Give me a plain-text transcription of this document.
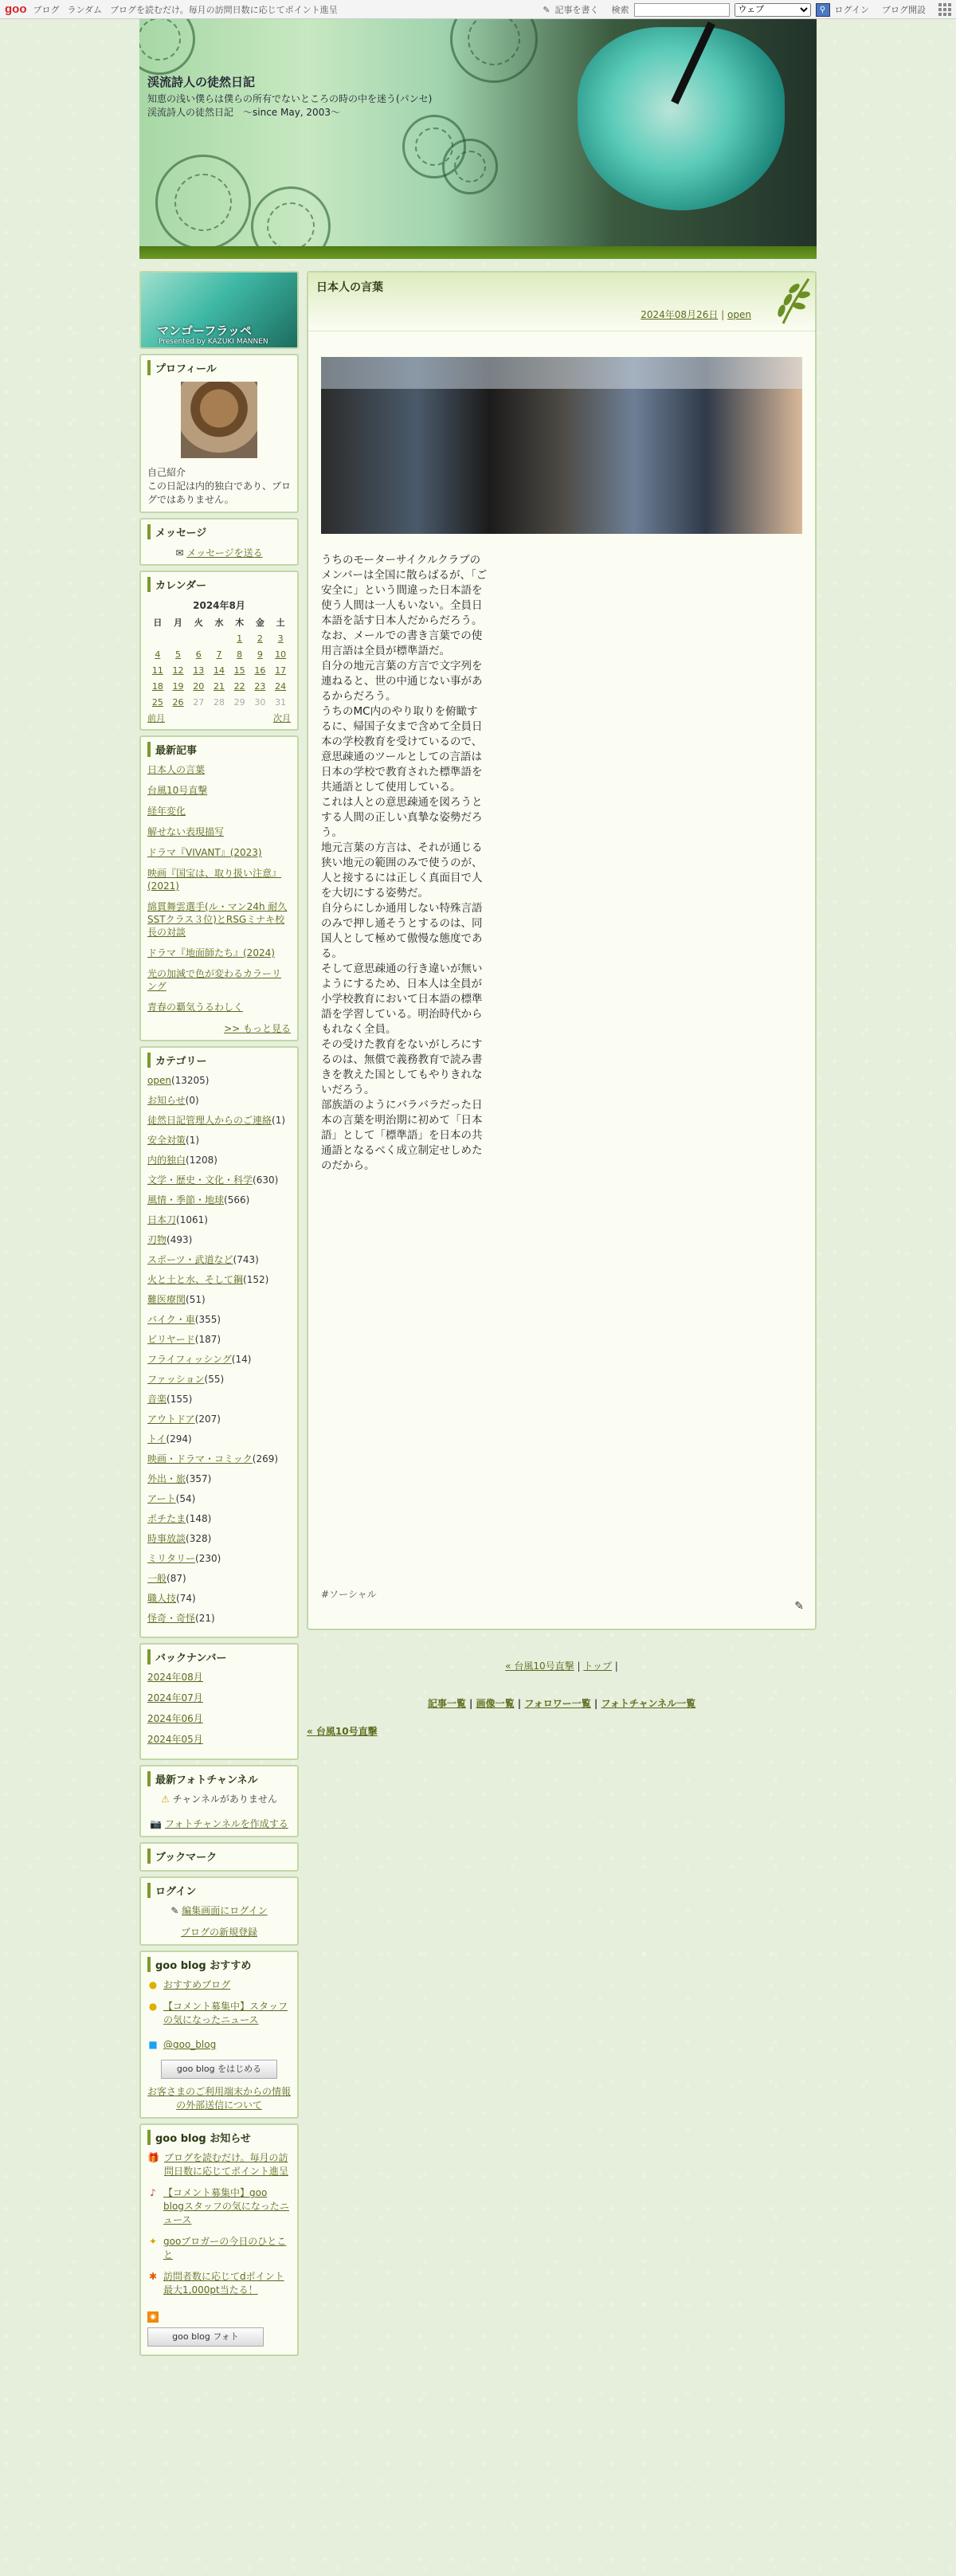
goo ブログ ランダム ブログを読むだけ。毎月の訪問日数に応じてポイント進呈	✎ 記事を書く 検索
ウェブ	⚲	ログイン ブログ開設
渓流詩人の徒然日記
知恵の浅い僕らは僕らの所有でないところの時の中を迷う(パンセ)　渓流詩人の徒然日記　～since May, 2003～
マンゴーフラッペ
Presented by KAZUKI MANNEN
プロフィール
自己紹介
この日記は内的独白であり、ブログではありません。
メッセージ
✉ メッセージを送る
カレンダー
2024年8月
日	月	火	水	木	金	土
				1	2	3
4	5	6	7	8	9	10
11	12	13	14	15	16	17
18	19	20	21	22	23	24
25	26	27	28	29	30	31
前月	次月
最新記事
日本人の言葉
台風10号直撃
経年変化
解せない表現描写
ドラマ『VIVANT』(2023)
映画『国宝は、取り扱い注意』(2021)
綿貫舞雲選手(ル・マン24h 耐久SSTクラス３位)とRSGミナキ校長の対談
ドラマ『地面師たち』(2024)
光の加減で色が変わるカラーリング
青春の覇気うるわしく
>> もっと見る
カテゴリー
open(13205)
お知らせ(0)
徒然日記管理人からのご連絡(1)
安全対策(1)
内的独白(1208)
文学・歴史・文化・科学(630)
風情・季節・地球(566)
日本刀(1061)
刃物(493)
スポーツ・武道など(743)
火と土と水、そして鋼(152)
難医療関(51)
バイク・車(355)
ビリヤード(187)
フライフィッシング(14)
ファッション(55)
音楽(155)
アウトドア(207)
トイ(294)
映画・ドラマ・コミック(269)
外出・旅(357)
アート(54)
ポチたま(148)
時事放談(328)
ミリタリー(230)
一般(87)
職人技(74)
怪奇・奇怪(21)
バックナンバー
2024年08月
2024年07月
2024年06月
2024年05月
最新フォトチャンネル
⚠ チャンネルがありません
📷 フォトチャンネルを作成する
ブックマーク
ログイン
✎ 編集画面にログイン
ブログの新規登録
goo blog おすすめ
● おすすめブログ
● 【コメント募集中】スタッフの気になったニュース
■ @goo_blog
goo blog をはじめる
お客さまのご利用端末からの情報の外部送信について
goo blog お知らせ
🎁 ブログを読むだけ。毎月の訪問日数に応じてポイント進呈
♪ 【コメント募集中】goo blogスタッフの気になったニュース
✦ gooブロガーの今日のひとこと
✱ 訪問者数に応じてdポイント最大1,000pt当たる！
◉
goo blog フォト
日本人の言葉
2024年08月26日 | open

うちのモーターサイクルクラブのメンバーは全国に散らばるが、「ご安全に」という間違った日本語を使う人間は一人もいない。全員日本語を話す日本人だからだろう。

なお、メールでの書き言葉での使用言語は全員が標準語だ。

自分の地元言葉の方言で文字列を連ねると、世の中通じない事があるからだろう。

うちのMC内のやり取りを俯瞰するに、帰国子女まで含めて全員日本の学校教育を受けているので、意思疎通のツールとしての言語は日本の学校で教育された標準語を共通語として使用している。

これは人との意思疎通を図ろうとする人間の正しい真摯な姿勢だろう。

地元言葉の方言は、それが通じる狭い地元の範囲のみで使うのが、人と接するには正しく真面目で人を大切にする姿勢だ。

自分らにしか通用しない特殊言語のみで押し通そうとするのは、同国人として極めて傲慢な態度である。

そして意思疎通の行き違いが無いようにするため、日本人は全員が小学校教育において日本語の標準語を学習している。明治時代からもれなく全員。

その受けた教育をないがしろにするのは、無償で義務教育で読み書きを教えた国としてもやりきれないだろう。

部族語のようにバラバラだった日本の言葉を明治期に初めて「日本語」として「標準語」を日本の共通語となるべく成立制定せしめたのだから。

#ソーシャル
✎
« 台風10号直撃 | トップ |
記事一覧 | 画像一覧 | フォロワー一覧 | フォトチャンネル一覧
« 台風10号直撃
